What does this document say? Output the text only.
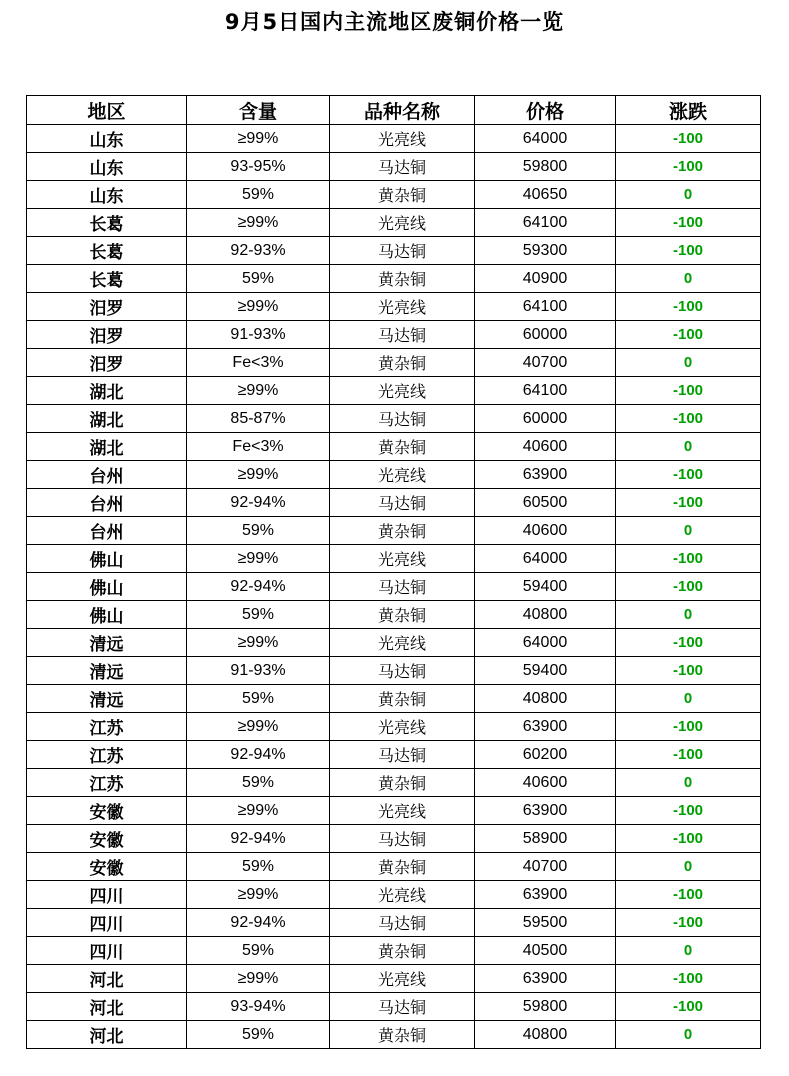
9月5日国内主流地区废铜价格一览
地区	含量	品种名称	价格	涨跌
山东	≥99%	光亮线	64000	-100
山东	93-95%	马达铜	59800	-100
山东	59%	黄杂铜	40650	0
长葛	≥99%	光亮线	64100	-100
长葛	92-93%	马达铜	59300	-100
长葛	59%	黄杂铜	40900	0
汨罗	≥99%	光亮线	64100	-100
汨罗	91-93%	马达铜	60000	-100
汨罗	Fe<3%	黄杂铜	40700	0
湖北	≥99%	光亮线	64100	-100
湖北	85-87%	马达铜	60000	-100
湖北	Fe<3%	黄杂铜	40600	0
台州	≥99%	光亮线	63900	-100
台州	92-94%	马达铜	60500	-100
台州	59%	黄杂铜	40600	0
佛山	≥99%	光亮线	64000	-100
佛山	92-94%	马达铜	59400	-100
佛山	59%	黄杂铜	40800	0
清远	≥99%	光亮线	64000	-100
清远	91-93%	马达铜	59400	-100
清远	59%	黄杂铜	40800	0
江苏	≥99%	光亮线	63900	-100
江苏	92-94%	马达铜	60200	-100
江苏	59%	黄杂铜	40600	0
安徽	≥99%	光亮线	63900	-100
安徽	92-94%	马达铜	58900	-100
安徽	59%	黄杂铜	40700	0
四川	≥99%	光亮线	63900	-100
四川	92-94%	马达铜	59500	-100
四川	59%	黄杂铜	40500	0
河北	≥99%	光亮线	63900	-100
河北	93-94%	马达铜	59800	-100
河北	59%	黄杂铜	40800	0
